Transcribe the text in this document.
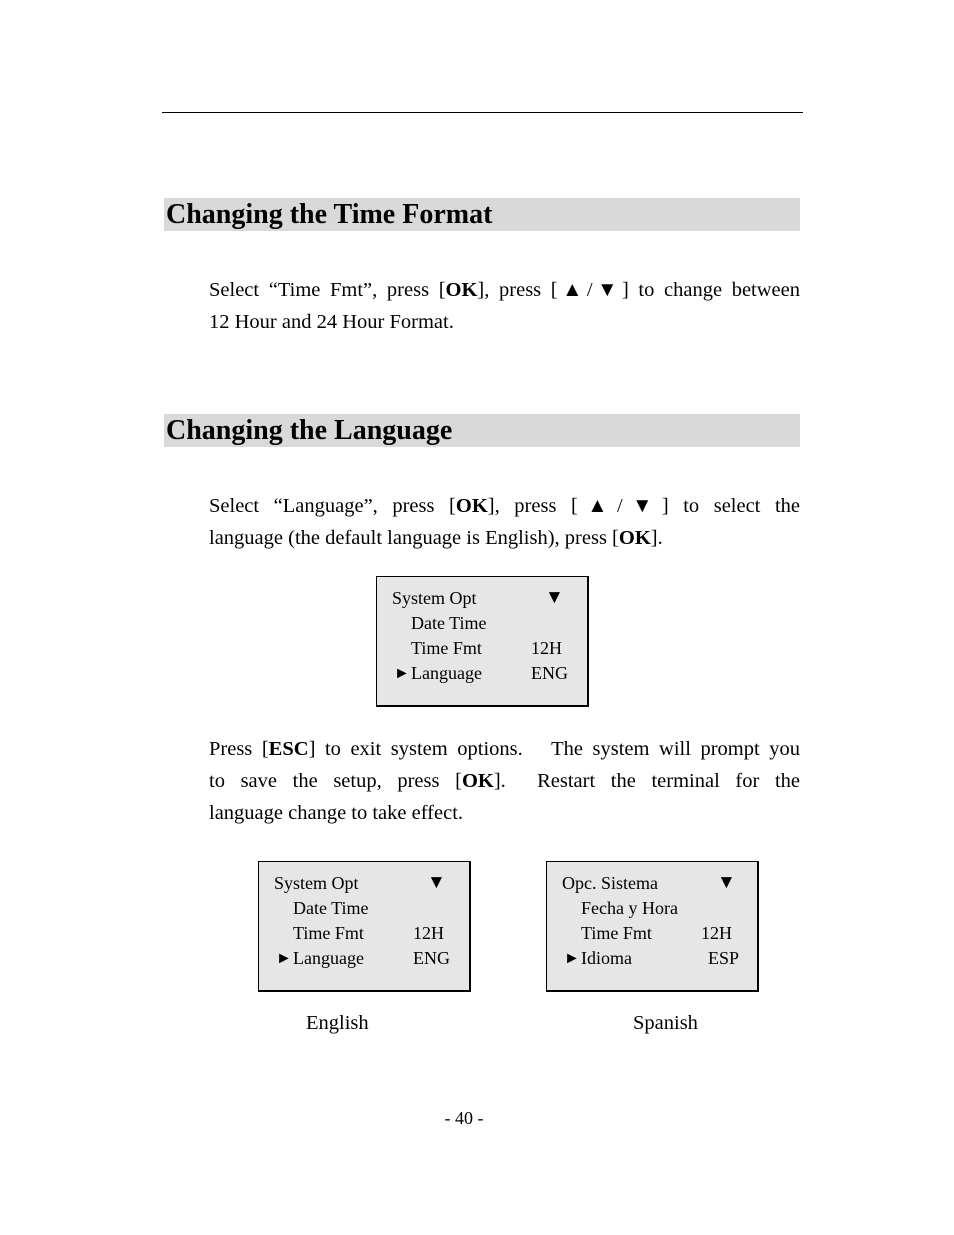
Changing the Time Format
Select “Time Fmt”, press [OK], press [▲/▼] to change between
12 Hour and 24 Hour Format.
Changing the Language
Select “Language”, press [OK], press [▲/▼] to select the
language (the default language is English), press [OK].
System Opt	▼
Date Time
Time Fmt	12H
► Language	ENG
Press [ESC] to exit system options.   The system will prompt you
to save the setup, press [OK].  Restart the terminal for the
language change to take effect.
System Opt	▼
Date Time
Time Fmt	12H
► Language	ENG
Opc. Sistema	▼
Fecha y Hora
Time Fmt	12H
► Idioma	ESP
English	Spanish
- 40 -
